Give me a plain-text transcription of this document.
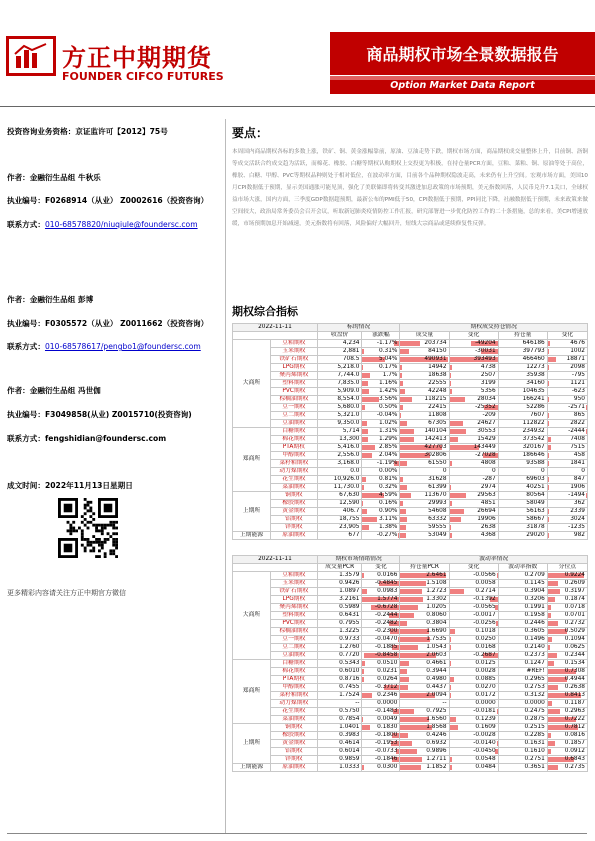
方正中期期货
FOUNDER CIFCO FUTURES
商品期权市场全景数据报告
Option Market Data Report
投资咨询业务资格：京证监许可【2012】75号
作者：金融衍生品组 牛秋乐
执业编号：F0268914（从业） Z0002616（投资咨询）
联系方式：010-68578820/niuqiule@foundersc.com
作者：金融衍生品组 彭博
执业编号：F0305572（从业） Z0011662（投资咨询）
联系方式：010-68578617/pengbo1@foundersc.com
作者：金融衍生品组 冯世伽
执业编号：F3049858(从业) Z0015710(投资咨询)
联系方式：fengshidian@foundersc.com
成文时间：2022年11月13日星期日
更多精彩内容请关注方正中期官方微信
要点：
本周国内商品期权各标的多数上涨，铁矿、铜、黄金涨幅靠前，原油、豆油走势下跌，期权市场方面，商品期权成交量整体上升，目前铜、沥铜等成交活跃合约成交趋为活跃，而棉花、橡胶、白糖等期权认购期权上交投更为积极，在持仓量PCR方面，豆粕、菜粕、铜、原油等处于高位，橡胶、白糖、甲醇、PVC等期权品种则处于相对低位，在波动率方面，目前各个品种期权隐波走高，未来仍有上升空间。宏观市场方面，美国10月CPI数据低于预期，显示美国通胀可能见顶，强化了美联储即将转变其激进加息政策的市场预期，美元指数回落，人民币兑升7.1关口，全球权益市场大涨，国内方面，三季度GDP数据超预期，最新公布的PMI低于50，CPI数据低于预期，PPI同比下降，社融数据低于预期，未来政策来做空间较大，政治局常务委员会召开会议，听取新冠肺炎疫情防控工作汇报，研究部署进一步优化防控工作的二十条措施，总的来看，美CPI增速放缓，市场预期加息开始减速，美元指数将有回落，风险偏好大幅回升，短线大宗商品或延续修复性反弹。
期权综合指标
2022-11-11		标的情况		期权成交持仓情况			
		收盘价	涨跌幅	成交量	变化	持仓量	变化
大商所	豆粕期权	4,234	-1.17%	203734	-49204	646186	4676
	玉米期权	2,881	0.31%	84150	-30031	397793	1002
	铁矿石期权	708.5	5.04%	490931	393493	466460	18871
	LPG期权	5,218.0	0.17%	14942	4738	12273	2098
	聚丙烯期权	7,744.0	1.7%	18638	2507	35938	-795
	塑料期权	7,835.0	1.16%	22555	3199	34160	1121
	PVC期权	5,909.0	1.42%	42248	5356	104635	-623
	棕榈油期权	8,554.0	3.56%	118215	28034	166241	950
	豆一期权	5,680.0	0.50%	22415	-25352	52286	-2571
	豆二期权	5,321.0	-0.04%	11808	-209	7607	865
	豆油期权	9,350.0	1.02%	67305	24627	112822	2822
郑商所	白糖期权	5,714	1.31%	140104	30553	234932	-2444
	棉花期权	13,300	1.29%	142413	15429	373542	7408
	PTA期权	5,416.0	2.85%	427703	143449	320167	7515
	甲醇期权	2,556.0	2.04%	302806	-27028	186646	458
	菜籽粕期权	3,168.0	-1.19%	61550	4808	93588	1841
	动力煤期权	0.0	0.00%	0	0	0	0
	花生期权	10,926.0	0.81%	31628	-287	69603	847
	菜油期权	11,730.0	0.32%	61399	2974	40251	1906
上期所	铜期权	67,630	4.59%	113670	29563	80564	-1494
	橡胶期权	12,590	0.16%	29993	4851	58049	362
	黄金期权	406.7	0.90%	54608	26694	56163	2339
	铝期权	18,755	3.11%	63332	19906	58667	3024
	锌期权	23,905	1.38%	59555	2638	31878	-1235
上期能源	原油期权	677	-0.27%	53049	4368	29020	982
2022-11-11		期权市场情绪情况		波动率情况			
		成交量PCR	变化	持仓量PCR	变化	波动率指数	分位点
大商所	豆粕期权	1.3579	0.0166	2.6461	-0.0566	0.2709	0.9224
	玉米期权	0.9426	-0.4845	1.5108	0.0058	0.1145	0.2609
	铁矿石期权	1.0897	0.0983	1.2723	0.2714	0.3904	0.3197
	LPG期权	3.2161	1.5774	1.3302	-0.1392	0.3206	0.1874
	聚丙烯期权	0.5989	-0.6728	1.0205	-0.0565	0.1991	0.0718
	塑料期权	0.6431	-0.2444	0.8060	-0.0017	0.1958	0.0701
	PVC期权	0.7955	-0.2482	0.3804	-0.0256	0.2446	0.2732
	棕榈油期权	1.3225	-0.2300	1.6690	0.1018	0.3605	0.5029
	豆一期权	0.9733	-0.0470	1.7535	0.0250	0.1496	0.1094
	豆二期权	1.2760	-0.1885	1.0543	0.0168	0.2140	0.0625
	豆油期权	0.7720	-0.8458	2.0603	-0.2687	0.2373	0.2344
郑商所	白糖期权	0.5343	0.0510	0.4661	0.0125	0.1247	0.1534
	棉花期权	0.6010	0.0231	0.3944	0.0028	#REF!	0.7308
	PTA期权	0.8716	0.0264	0.4980	0.0885	0.2965	0.4944
	甲醇期权	0.7455	-0.3712	0.4437	0.0270	0.2753	0.2638
	菜籽粕期权	1.7524	0.2346	2.0094	0.0172	0.3132	0.8413
	动力煤期权	--	0.0000	--	0.0000	0.0000	0.1187
	花生期权	0.5750	-0.1483	0.7925	-0.0181	0.2475	0.2963
	菜油期权	0.7854	0.0049	1.6560	0.1239	0.2875	0.7222
上期所	铜期权	1.0401	0.1830	1.8568	0.1609	0.2515	0.7812
	橡胶期权	0.3983	-0.1800	0.4246	-0.0028	0.2285	0.0816
	黄金期权	0.4614	-0.1953	0.6932	-0.0140	0.1631	0.1857
	铝期权	0.6014	-0.0733	0.9896	-0.0450	0.1610	0.0912
	锌期权	0.9859	-0.1846	1.2711	0.0548	0.2751	0.6843
上期能源	原油期权	1.0333	0.0300	1.1852	0.0484	0.3651	0.2735
